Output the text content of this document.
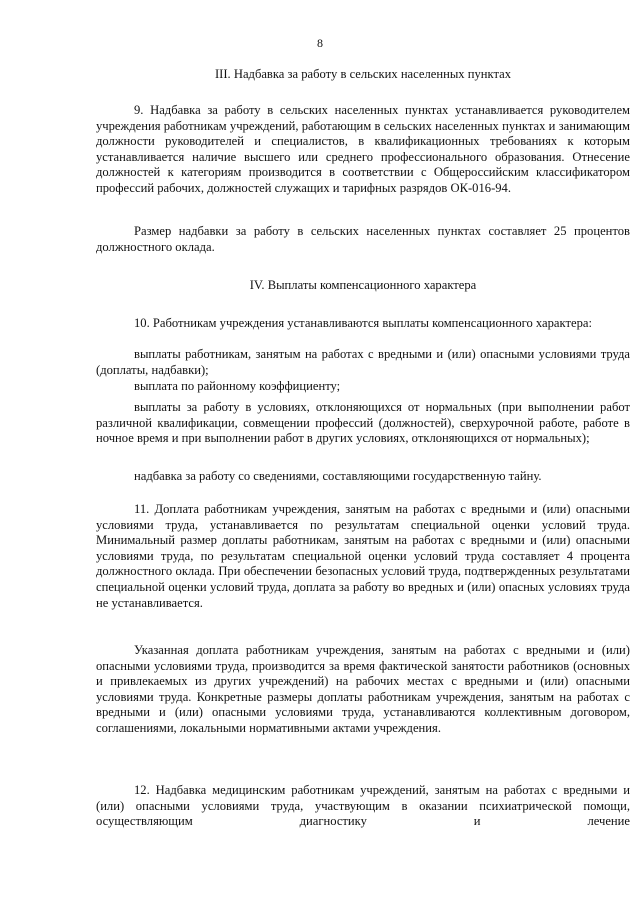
8
III. Надбавка за работу в сельских населенных пунктах

9. Надбавка за работу в сельских населенных пунктах устанавливается руководителем учреждения работникам учреждений, работающим в сельских населенных пунктах и занимающим должности руководителей и специалистов, в квалификационных требованиях к которым устанавливается наличие высшего или среднего профессионального образования. Отнесение должностей к категориям производится в соответствии с Общероссийским классификатором профессий рабочих, должностей служащих и тарифных разрядов ОК-016-94.

Размер надбавки за работу в сельских населенных пунктах составляет 25 процентов должностного оклада.

IV. Выплаты компенсационного характера

10. Работникам учреждения устанавливаются выплаты компенсационного характера:

выплаты работникам, занятым на работах с вредными и (или) опасными условиями труда (доплаты, надбавки);

выплата по районному коэффициенту;

выплаты за работу в условиях, отклоняющихся от нормальных (при выполнении работ различной квалификации, совмещении профессий (должностей), сверхурочной работе, работе в ночное время и при выполнении работ в других условиях, отклоняющихся от нормальных);

надбавка за работу со сведениями, составляющими государственную тайну.

11. Доплата работникам учреждения, занятым на работах с вредными и (или) опасными условиями труда, устанавливается по результатам специальной оценки условий труда. Минимальный размер доплаты работникам, занятым на работах с вредными и (или) опасными условиями труда, по результатам специальной оценки условий труда составляет 4 процента должностного оклада. При обеспечении безопасных условий труда, подтвержденных результатами специальной оценки условий труда, доплата за работу во вредных и (или) опасных условиях труда не устанавливается.

Указанная доплата работникам учреждения, занятым на работах с вредными и (или) опасными условиями труда, производится за время фактической занятости работников (основных и привлекаемых из других учреждений) на рабочих местах с вредными и (или) опасными условиями труда. Конкретные размеры доплаты работникам учреждения, занятым на работах с вредными и (или) опасными условиями труда, устанавливаются коллективным договором, соглашениями, локальными нормативными актами учреждения.

12. Надбавка медицинским работникам учреждений, занятым на работах с вредными и (или) опасными условиями труда, участвующим в оказании психиатрической помощи, осуществляющим диагностику и лечение
